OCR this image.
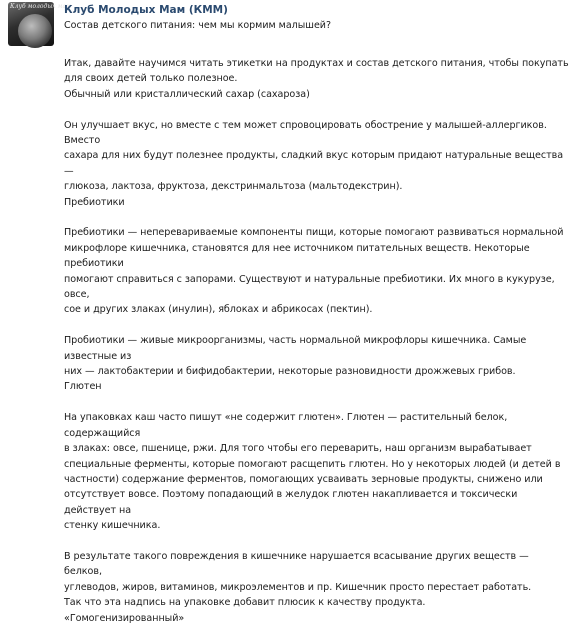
Клуб молодых мам
Клуб Молодых Мам (КММ)
Состав детского питания: чем мы кормим малышей?
Итак, давайте научимся читать этикетки на продуктах и состав детского питания, чтобы покупать
для своих детей только полезное.
Обычный или кристаллический сахар (сахароза)
Он улучшает вкус, но вместе с тем может спровоцировать обострение у малышей-аллергиков. Вместо
сахара для них будут полезнее продукты, сладкий вкус которым придают натуральные вещества —
глюкоза, лактоза, фруктоза, декстринмальтоза (мальтодекстрин).
Пребиотики
Пребиотики — неперевариваемые компоненты пищи, которые помогают развиваться нормальной
микрофлоре кишечника, становятся для нее источником питательных веществ. Некоторые пребиотики
помогают справиться с запорами. Существуют и натуральные пребиотики. Их много в кукурузе, овсе,
сое и других злаках (инулин), яблоках и абрикосах (пектин).
Пробиотики — живые микроорганизмы, часть нормальной микрофлоры кишечника. Самые известные из
них — лактобактерии и бифидобактерии, некоторые разновидности дрожжевых грибов.
Глютен
На упаковках каш часто пишут «не содержит глютен». Глютен — растительный белок, содержащийся
в злаках: овсе, пшенице, ржи. Для того чтобы его переварить, наш организм вырабатывает
специальные ферменты, которые помогают расщепить глютен. Но у некоторых людей (и детей в
частности) содержание ферментов, помогающих усваивать зерновые продукты, снижено или
отсутствует вовсе. Поэтому попадающий в желудок глютен накапливается и токсически действует на
стенку кишечника.
В результате такого повреждения в кишечнике нарушается всасывание других веществ — белков,
углеводов, жиров, витаминов, микроэлементов и пр. Кишечник просто перестает работать.
Так что эта надпись на упаковке добавит плюсик к качеству продукта.
«Гомогенизированный»
